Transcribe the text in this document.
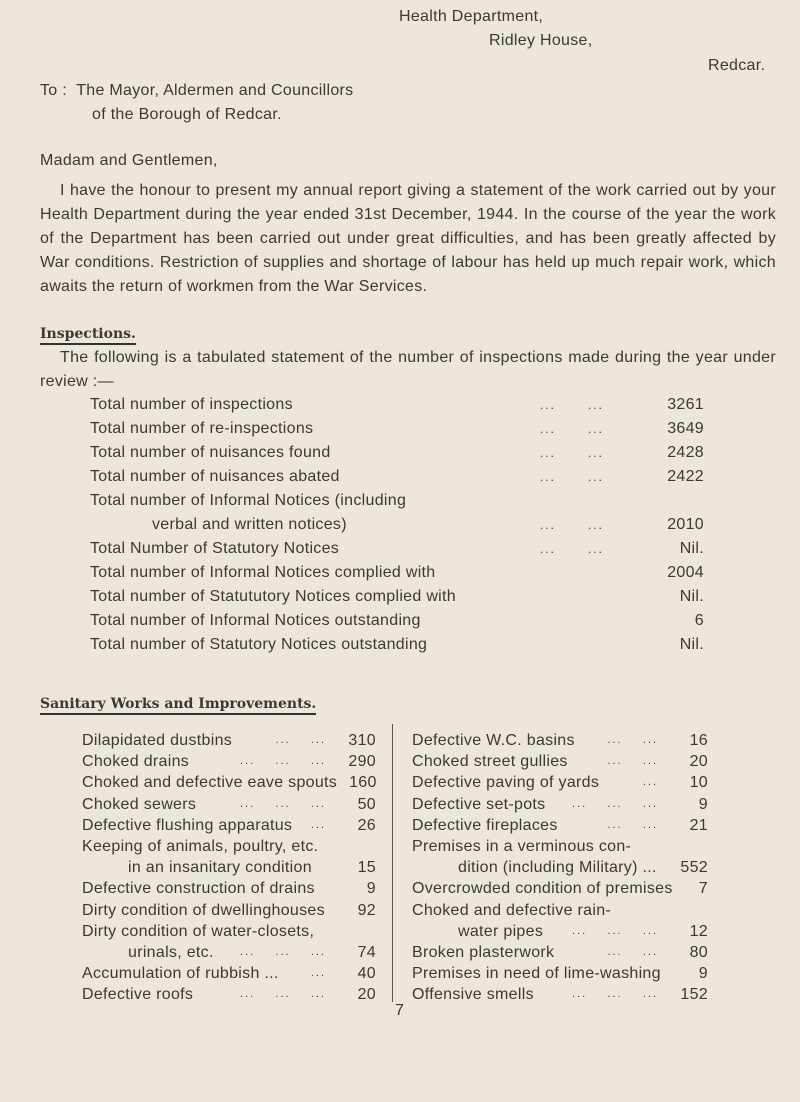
Health Department,
Ridley House,
Redcar.
To :  The Mayor, Aldermen and Councillors
of the Borough of Redcar.
Madam and Gentlemen,
I have the honour to present my annual report giving a statement of the work carried out by your Health Department during the year ended 31st December, 1944. In the course of the year the work of the Department has been carried out under great difficulties, and has been greatly affected by War conditions. Restriction of supplies and shortage of labour has held up much repair work, which awaits the return of workmen from the War Services.
Inspections.
The following is a tabulated statement of the number of inspections made during the year under review :—
Total number of inspections	...      ...	3261
Total number of re-inspections	...      ...	3649
Total number of nuisances found	...      ...	2428
Total number of nuisances abated	...      ...	2422
Total number of Informal Notices (including
verbal and written notices)	...      ...	2010
Total Number of Statutory Notices	...      ...	Nil.
Total number of Informal Notices complied with	2004
Total number of Statututory Notices complied with	Nil.
Total number of Informal Notices outstanding	6
Total number of Statutory Notices outstanding	Nil.
Sanitary Works and Improvements.
Dilapidated dustbins	...    ...	310
Choked drains	...    ...    ...	290
Choked and defective eave spouts 160
Choked sewers	...    ...    ...	50
Defective flushing apparatus	...	26
Keeping of animals, poultry, etc.
in an insanitary condition	15
Defective construction of drains	9
Dirty condition of dwellinghouses	92
Dirty condition of water-closets,
urinals, etc.	...    ...    ...	74
Accumulation of rubbish ...	...	40
Defective roofs	...    ...    ...	20
Defective W.C. basins	...    ...	16
Choked street gullies	...    ...	20
Defective paving of yards	...	10
Defective set-pots	...    ...    ...	9
Defective fireplaces	...    ...	21
Premises in a verminous con-
dition (including Military) ...	552
Overcrowded condition of premises	7
Choked and defective rain-
water pipes	...    ...    ...	12
Broken plasterwork	...    ...	80
Premises in need of lime-washing	9
Offensive smells	...    ...    ...	152
7
